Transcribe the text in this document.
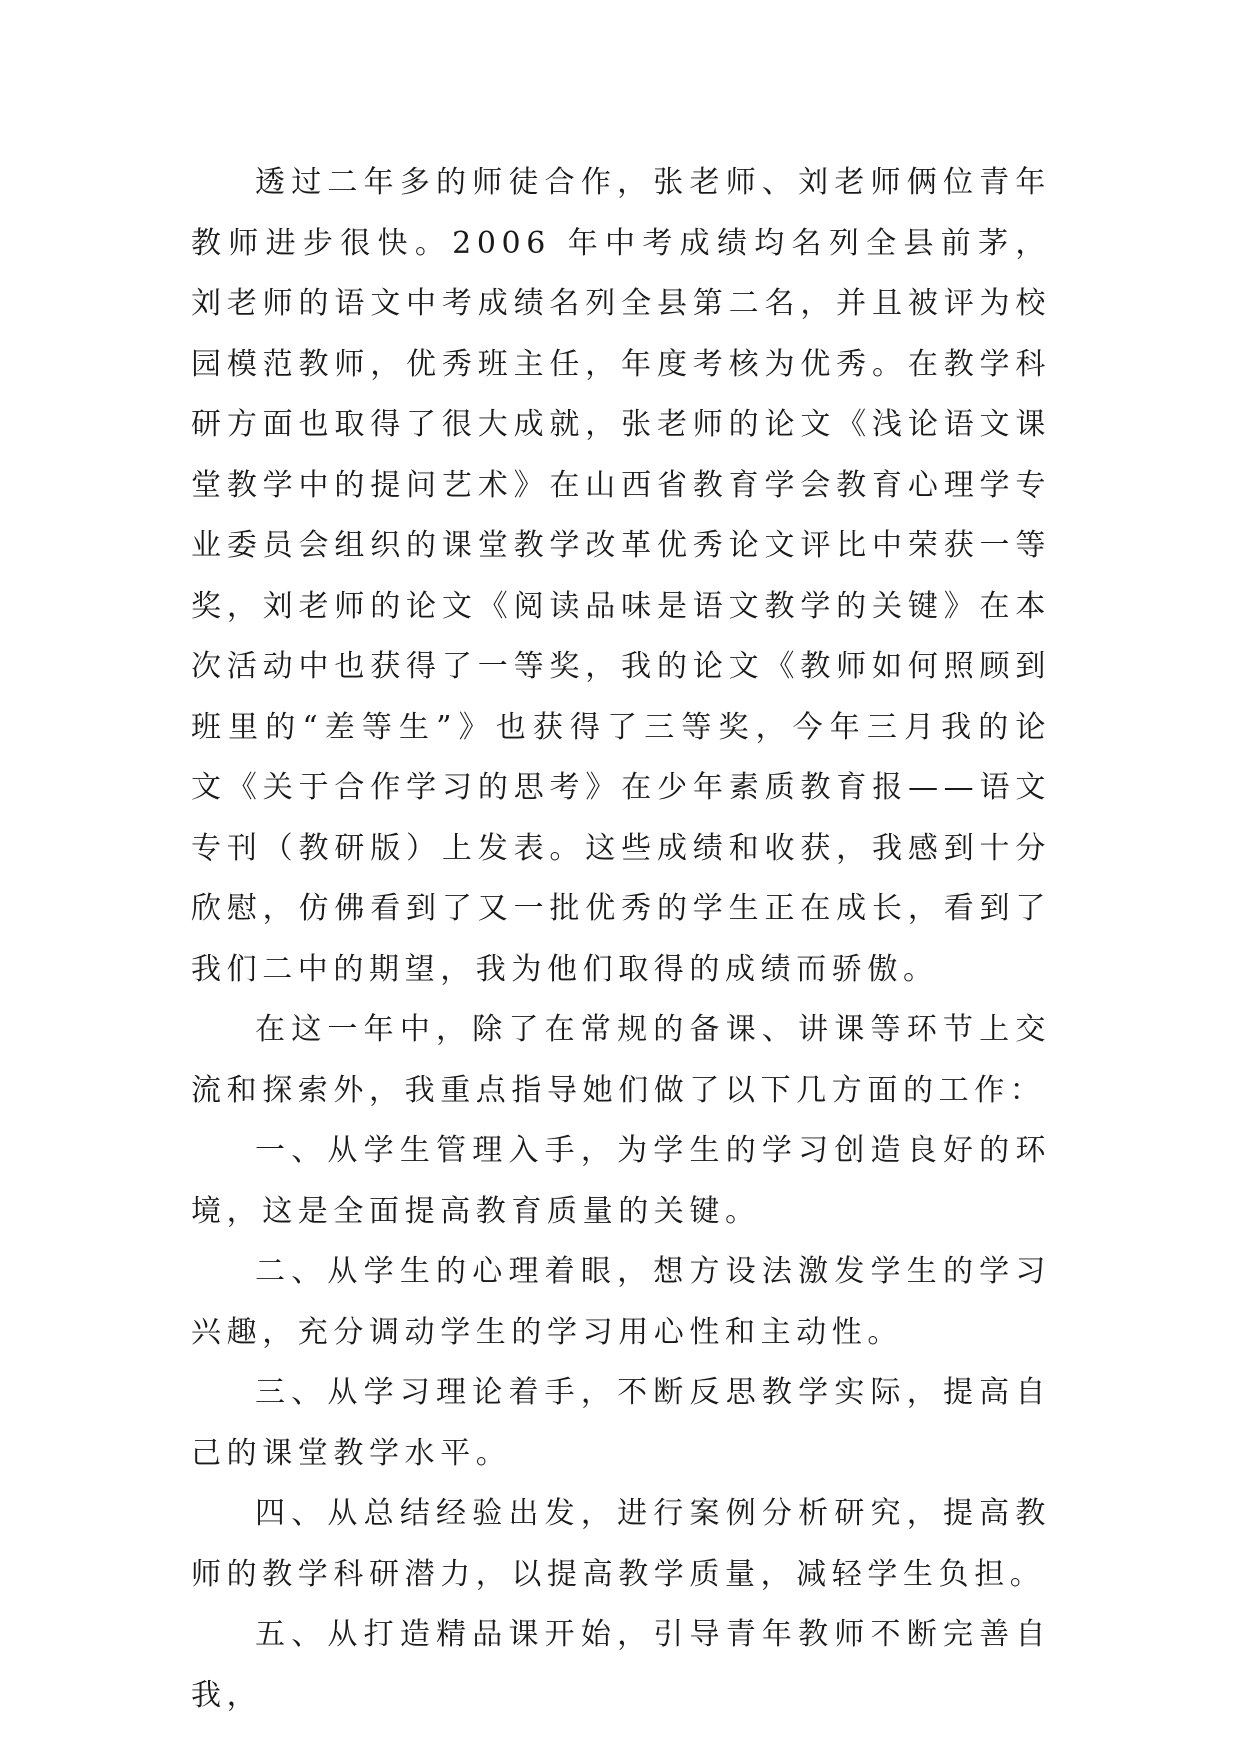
透过二年多的师徒合作，张老师、刘老师俩位青年教师进步很快。2006 年中考成绩均名列全县前茅，刘老师的语文中考成绩名列全县第二名，并且被评为校园模范教师，优秀班主任，年度考核为优秀。在教学科研方面也取得了很大成就，张老师的论文《浅论语文课堂教学中的提问艺术》在山西省教育学会教育心理学专业委员会组织的课堂教学改革优秀论文评比中荣获一等奖，刘老师的论文《阅读品味是语文教学的关键》在本次活动中也获得了一等奖，我的论文《教师如何照顾到班里的“差等生”》也获得了三等奖，今年三月我的论文《关于合作学习的思考》在少年素质教育报——语文专刊（教研版）上发表。这些成绩和收获，我感到十分欣慰，仿佛看到了又一批优秀的学生正在成长，看到了我们二中的期望，我为他们取得的成绩而骄傲。

在这一年中，除了在常规的备课、讲课等环节上交流和探索外，我重点指导她们做了以下几方面的工作：

一、从学生管理入手，为学生的学习创造良好的环境，这是全面提高教育质量的关键。

二、从学生的心理着眼，想方设法激发学生的学习兴趣，充分调动学生的学习用心性和主动性。

三、从学习理论着手，不断反思教学实际，提高自己的课堂教学水平。

四、从总结经验出发，进行案例分析研究，提高教师的教学科研潜力，以提高教学质量，减轻学生负担。

五、从打造精品课开始，引导青年教师不断完善自我，
